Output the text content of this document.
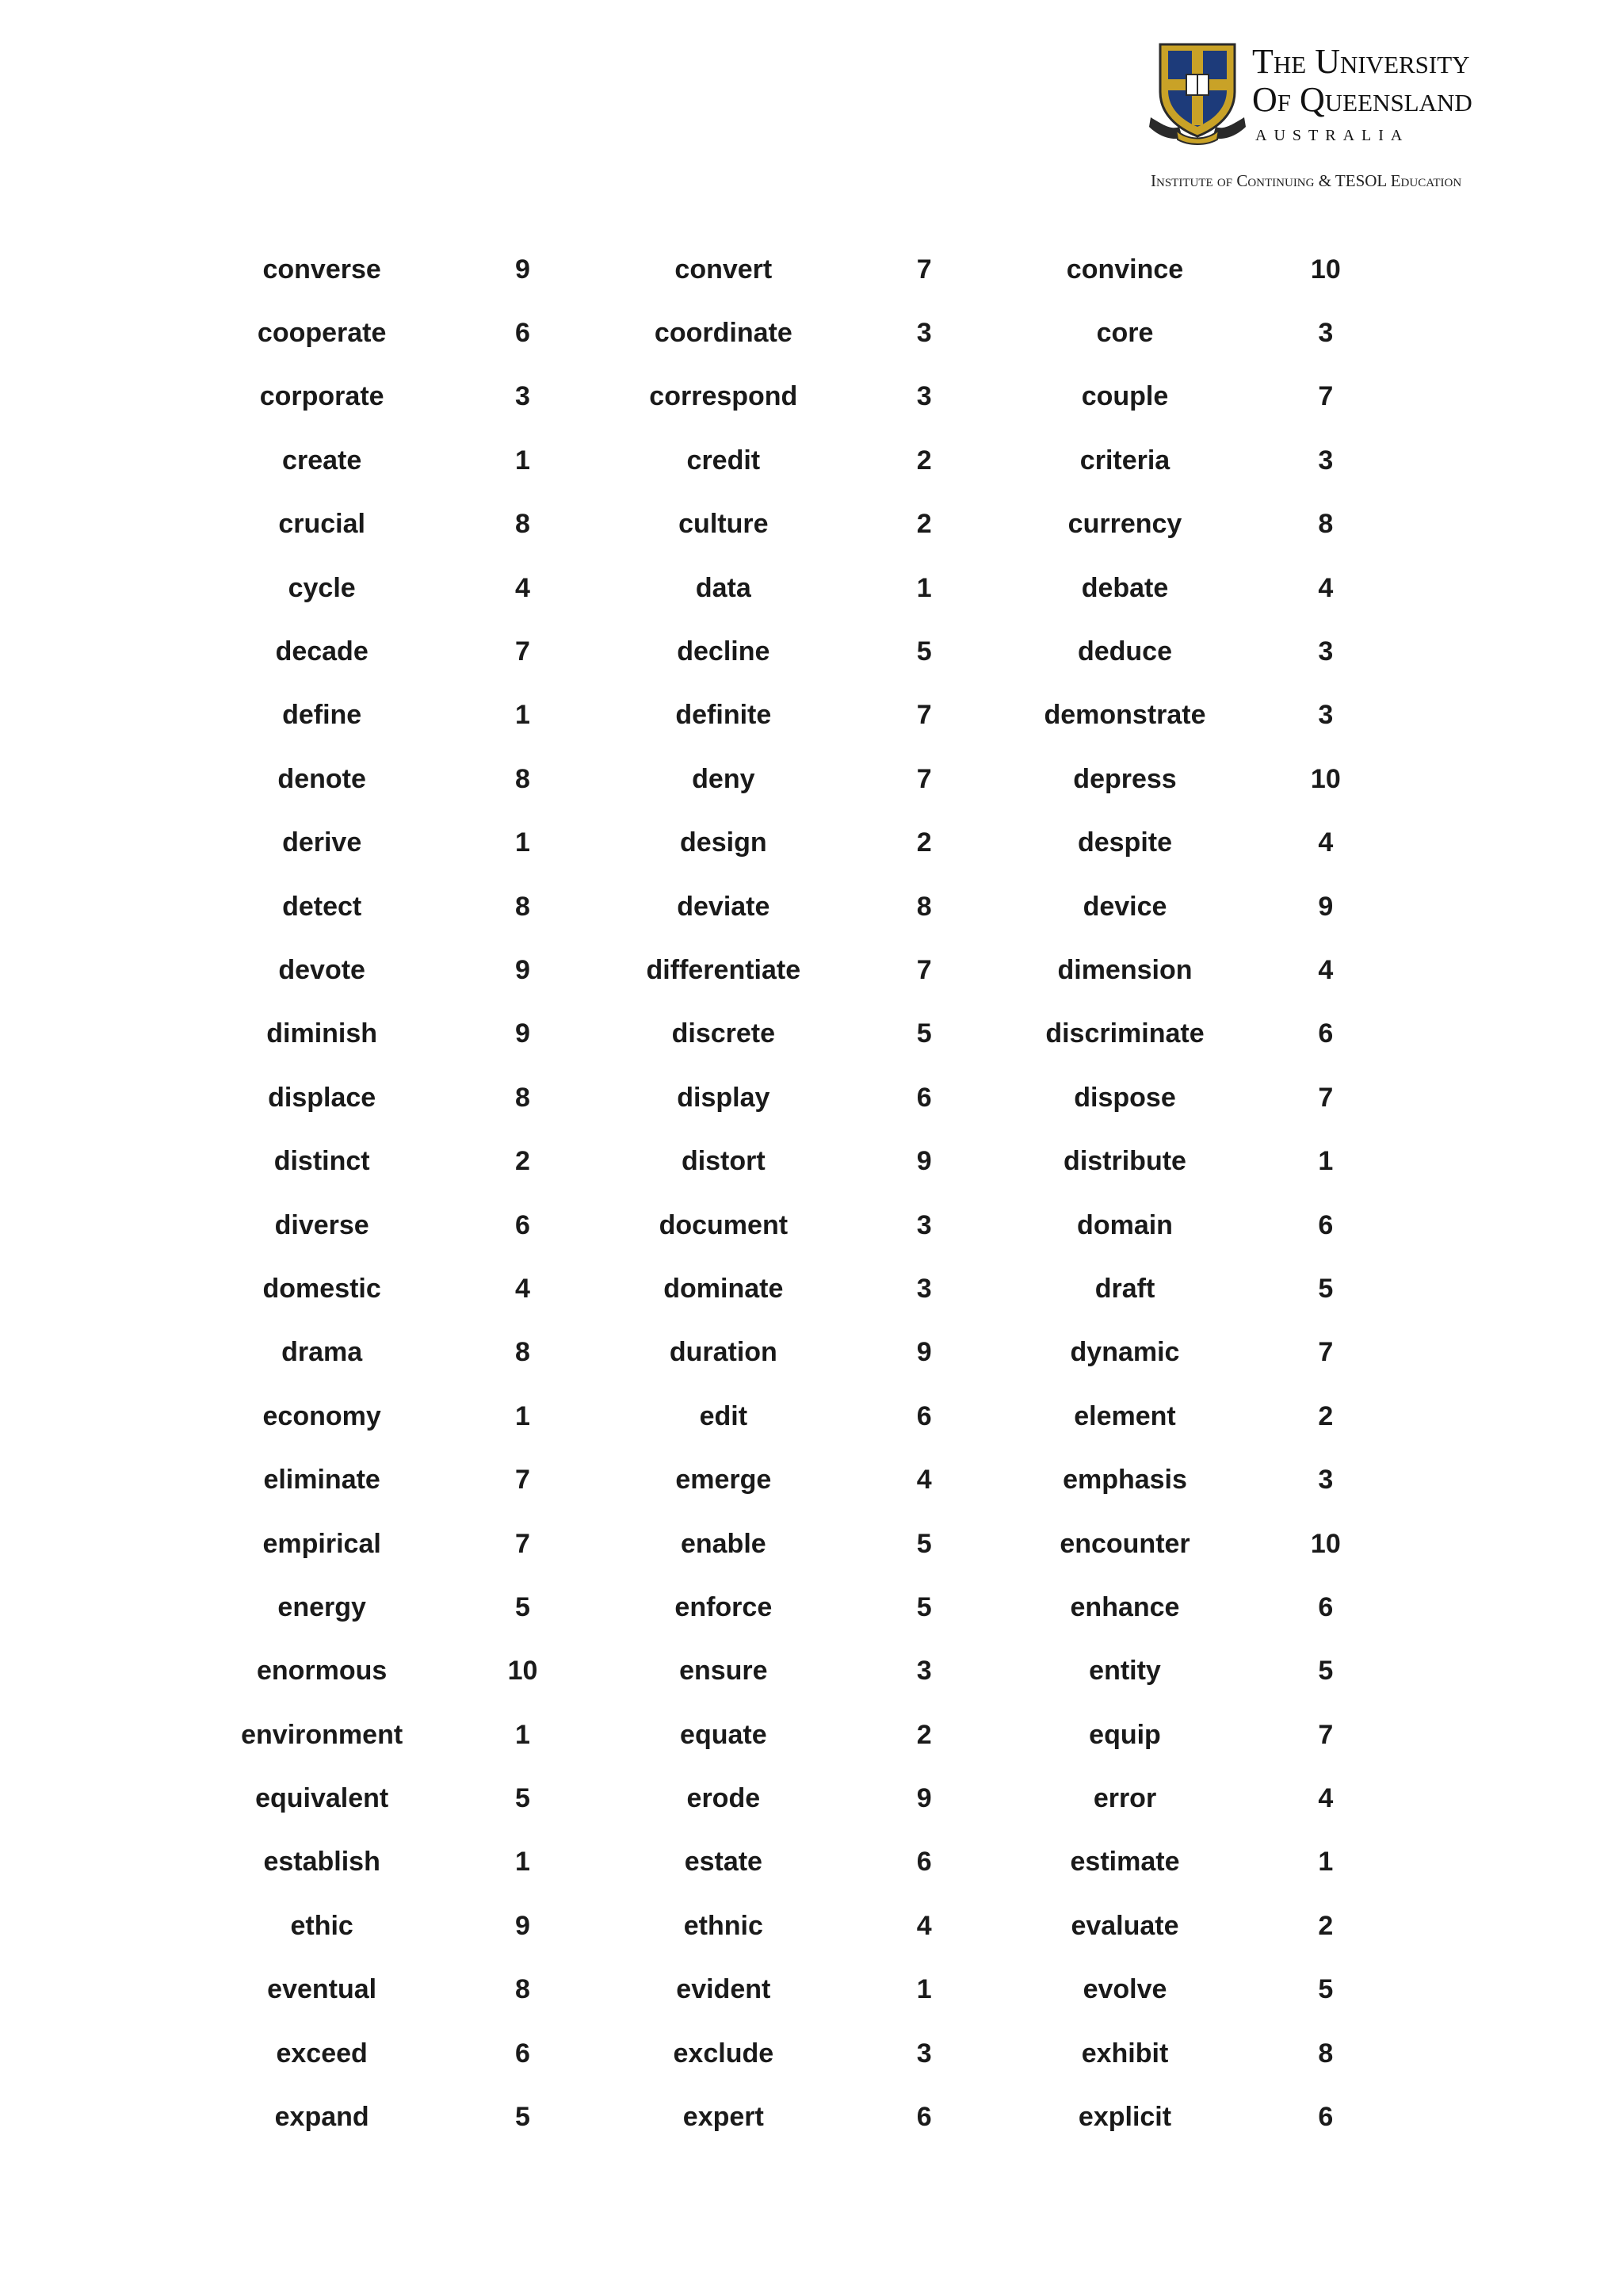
The University
Of Queensland
AUSTRALIA
Institute of Continuing & TESOL Education
converse	9	convert	7	convince	10
cooperate	6	coordinate	3	core	3
corporate	3	correspond	3	couple	7
create	1	credit	2	criteria	3
crucial	8	culture	2	currency	8
cycle	4	data	1	debate	4
decade	7	decline	5	deduce	3
define	1	definite	7	demonstrate	3
denote	8	deny	7	depress	10
derive	1	design	2	despite	4
detect	8	deviate	8	device	9
devote	9	differentiate	7	dimension	4
diminish	9	discrete	5	discriminate	6
displace	8	display	6	dispose	7
distinct	2	distort	9	distribute	1
diverse	6	document	3	domain	6
domestic	4	dominate	3	draft	5
drama	8	duration	9	dynamic	7
economy	1	edit	6	element	2
eliminate	7	emerge	4	emphasis	3
empirical	7	enable	5	encounter	10
energy	5	enforce	5	enhance	6
enormous	10	ensure	3	entity	5
environment	1	equate	2	equip	7
equivalent	5	erode	9	error	4
establish	1	estate	6	estimate	1
ethic	9	ethnic	4	evaluate	2
eventual	8	evident	1	evolve	5
exceed	6	exclude	3	exhibit	8
expand	5	expert	6	explicit	6
